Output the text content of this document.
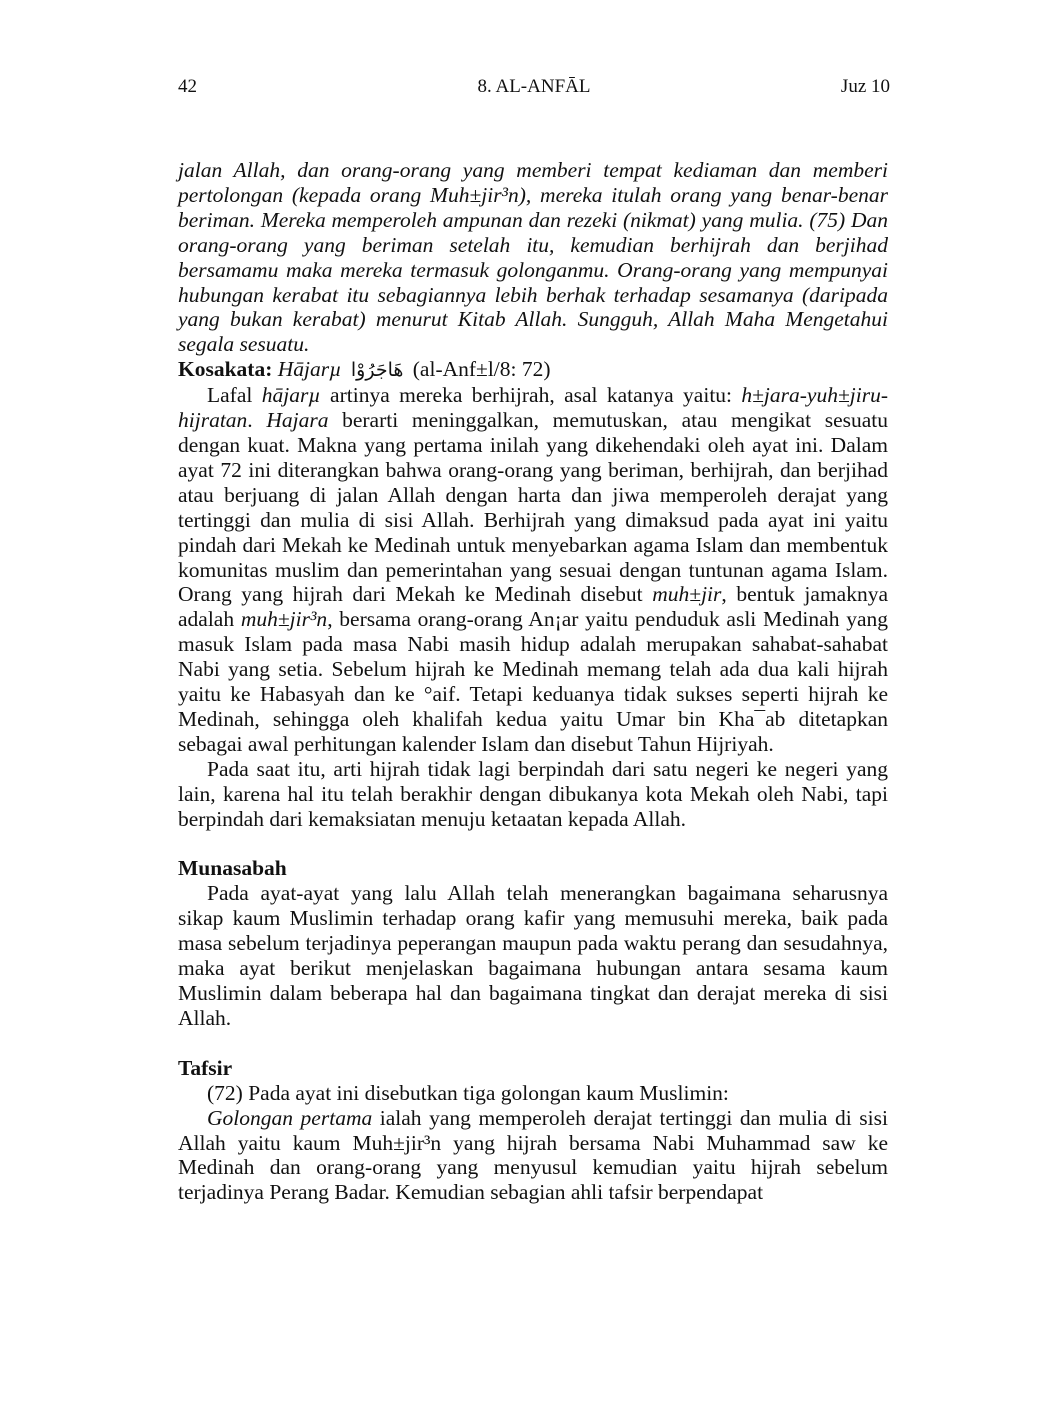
42	8. AL-ANFĀL	Juz 10

jalan Allah, dan orang-orang yang memberi tempat kediaman dan memberi pertolongan (kepada orang Muh±jir³n), mereka itulah orang yang benar-benar beriman. Mereka memperoleh ampunan dan rezeki (nikmat) yang mulia. (75) Dan orang-orang yang beriman setelah itu, kemudian berhijrah dan berjihad bersamamu maka mereka termasuk golonganmu. Orang-orang yang mempunyai hubungan kerabat itu sebagiannya lebih berhak terhadap sesamanya (daripada yang bukan kerabat) menurut Kitab Allah. Sungguh, Allah Maha Mengetahui segala sesuatu.

Kosakata: Hājarµ هَاجَرُوْا (al-Anf±l/8: 72)

Lafal hājarµ artinya mereka berhijrah, asal katanya yaitu: h±jara-yuh±jiru-hijratan. Hajara berarti meninggalkan, memutuskan, atau mengikat sesuatu dengan kuat. Makna yang pertama inilah yang dikehendaki oleh ayat ini. Dalam ayat 72 ini diterangkan bahwa orang-orang yang beriman, berhijrah, dan berjihad atau berjuang di jalan Allah dengan harta dan jiwa memperoleh derajat yang tertinggi dan mulia di sisi Allah. Berhijrah yang dimaksud pada ayat ini yaitu pindah dari Mekah ke Medinah untuk menyebarkan agama Islam dan membentuk komunitas muslim dan pemerintahan yang sesuai dengan tuntunan agama Islam. Orang yang hijrah dari Mekah ke Medinah disebut muh±jir, bentuk jamaknya adalah muh±jir³n, bersama orang-orang An¡ar yaitu penduduk asli Medinah yang masuk Islam pada masa Nabi masih hidup adalah merupakan sahabat-sahabat Nabi yang setia. Sebelum hijrah ke Medinah memang telah ada dua kali hijrah yaitu ke Habasyah dan ke °aif. Tetapi keduanya tidak sukses seperti hijrah ke Medinah, sehingga oleh khalifah kedua yaitu Umar bin Kha¯ab ditetapkan sebagai awal perhitungan kalender Islam dan disebut Tahun Hijriyah.

Pada saat itu, arti hijrah tidak lagi berpindah dari satu negeri ke negeri yang lain, karena hal itu telah berakhir dengan dibukanya kota Mekah oleh Nabi, tapi berpindah dari kemaksiatan menuju ketaatan kepada Allah.

Munasabah

Pada ayat-ayat yang lalu Allah telah menerangkan bagaimana seharusnya sikap kaum Muslimin terhadap orang kafir yang memusuhi mereka, baik pada masa sebelum terjadinya peperangan maupun pada waktu perang dan sesudahnya, maka ayat berikut menjelaskan bagaimana hubungan antara sesama kaum Muslimin dalam beberapa hal dan bagaimana tingkat dan derajat mereka di sisi Allah.

Tafsir

(72) Pada ayat ini disebutkan tiga golongan kaum Muslimin:

Golongan pertama ialah yang memperoleh derajat tertinggi dan mulia di sisi Allah yaitu kaum Muh±jir³n yang hijrah bersama Nabi Muhammad saw ke Medinah dan orang-orang yang menyusul kemudian yaitu hijrah sebelum terjadinya Perang Badar. Kemudian sebagian ahli tafsir berpendapat
